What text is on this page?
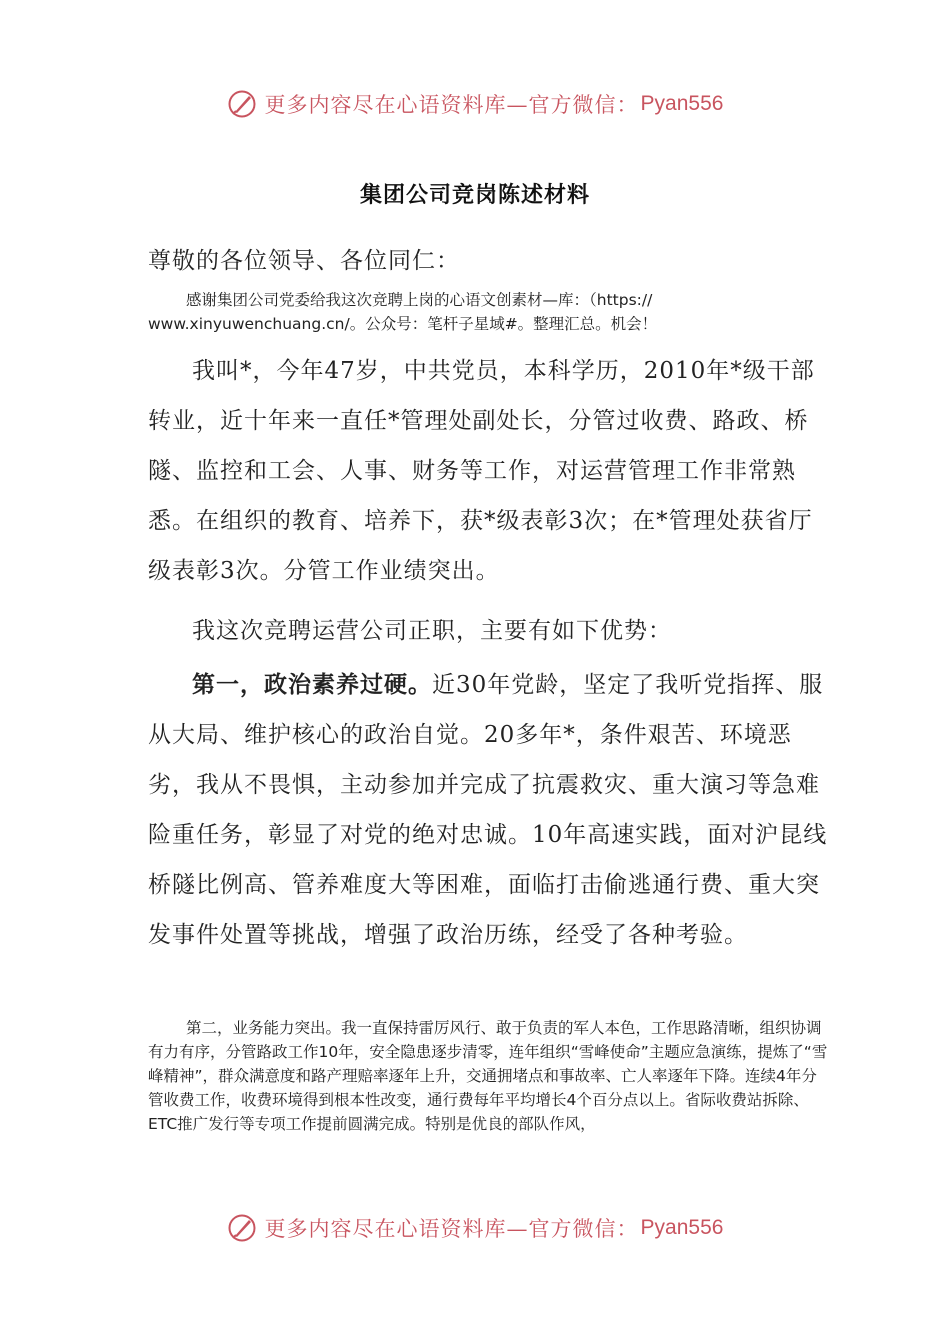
更多内容尽在心语资料库—官方微信： Pyan556
集团公司竞岗陈述材料

尊敬的各位领导、各位同仁：

感谢集团公司党委给我这次竞聘上岗的心语文创素材—库：（https:// www.xinyuwenchuang.cn/。公众号：笔杆子星域#。整理汇总。机会！

我叫*，今年47岁，中共党员，本科学历，2010年*级干部转业，近十年来一直任*管理处副处长，分管过收费、路政、桥隧、监控和工会、人事、财务等工作，对运营管理工作非常熟悉。在组织的教育、培养下，获*级表彰3次；在*管理处获省厅级表彰3次。分管工作业绩突出。

我这次竞聘运营公司正职，主要有如下优势：

第一，政治素养过硬。近30年党龄，坚定了我听党指挥、服从大局、维护核心的政治自觉。20多年*，条件艰苦、环境恶劣，我从不畏惧，主动参加并完成了抗震救灾、重大演习等急难险重任务，彰显了对党的绝对忠诚。10年高速实践，面对沪昆线桥隧比例高、管养难度大等困难，面临打击偷逃通行费、重大突发事件处置等挑战，增强了政治历练，经受了各种考验。

第二，业务能力突出。我一直保持雷厉风行、敢于负责的军人本色，工作思路清晰，组织协调有力有序，分管路政工作10年，安全隐患逐步清零，连年组织“雪峰使命”主题应急演练，提炼了“雪峰精神”，群众满意度和路产理赔率逐年上升，交通拥堵点和事故率、亡人率逐年下降。连续4年分管收费工作，收费环境得到根本性改变，通行费每年平均增长4个百分点以上。省际收费站拆除、ETC推广发行等专项工作提前圆满完成。特别是优良的部队作风，

更多内容尽在心语资料库—官方微信： Pyan556
